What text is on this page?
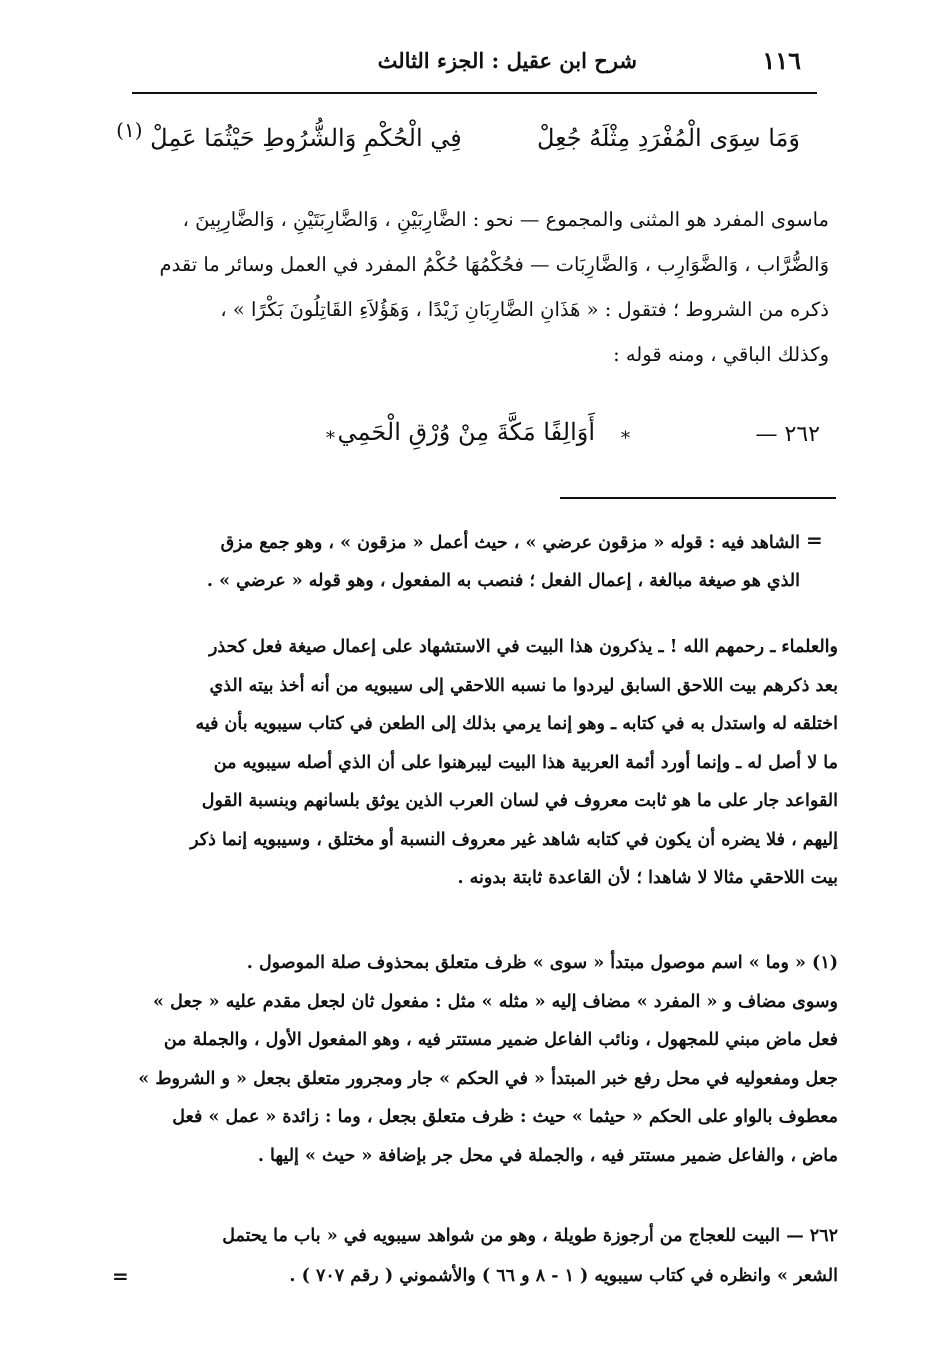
١١٦
شرح ابن عقيل : الجزء الثالث
وَمَا سِوَى الْمُفْرَدِ مِثْلَهُ جُعِلْ  فِي الْحُكْمِ وَالشُّرُوطِ حَيْثُمَا عَمِلْ $^{(١)}$

ماسوى المفرد هو المثنى والمجموع — نحو : الضَّارِبَيْنِ ، وَالضَّارِبَتَيْنِ ، وَالضَّارِبِينَ ،

وَالضُّرَّاب ، وَالضَّوَارِب ، وَالضَّارِبَات — فحُكْمُهَا حُكْمُ المفرد في العمل وسائر ما تقدم

ذكره من الشروط ؛ فتقول : « هَذَانِ الضَّارِبَانِ زَيْدًا ، وَهَؤُلاَءِ القَاتِلُونَ بَكْرًا » ،

وكذلك الباقي ، ومنه قوله :

٢٦٢ —
*
أَوَالِفًا مَكَّةَ مِنْ وُرْقِ الْحَمِي
*
=

الشاهد فيه : قوله « مزقون عرضي » ، حيث أعمل « مزقون » ، وهو جمع مزق

الذي هو صيغة مبالغة ، إعمال الفعل ؛ فنصب به المفعول ، وهو قوله « عرضي » .

والعلماء ـ رحمهم الله ! ـ يذكرون هذا البيت في الاستشهاد على إعمال صيغة فعل كحذر

بعد ذكرهم بيت اللاحق السابق ليردوا ما نسبه اللاحقي إلى سيبويه من أنه أخذ بيته الذي

اختلقه له واستدل به في كتابه ـ وهو إنما يرمي بذلك إلى الطعن في كتاب سيبويه بأن فيه

ما لا أصل له ـ وإنما أورد أئمة العربية هذا البيت ليبرهنوا على أن الذي أصله سيبويه من

القواعد جار على ما هو ثابت معروف في لسان العرب الذين يوثق بلسانهم وبنسبة القول

إليهم ، فلا يضره أن يكون في كتابه شاهد غير معروف النسبة أو مختلق ، وسيبويه إنما ذكر

بيت اللاحقي مثالا لا شاهدا ؛ لأن القاعدة ثابتة بدونه .

(١) « وما » اسم موصول مبتدأ « سوى » ظرف متعلق بمحذوف صلة الموصول .

وسوى مضاف و « المفرد » مضاف إليه « مثله » مثل : مفعول ثان لجعل مقدم عليه « جعل »

فعل ماض مبني للمجهول ، ونائب الفاعل ضمير مستتر فيه ، وهو المفعول الأول ، والجملة من

جعل ومفعوليه في محل رفع خبر المبتدأ « في الحكم » جار ومجرور متعلق بجعل « و الشروط »

معطوف بالواو على الحكم « حيثما » حيث : ظرف متعلق بجعل ، وما : زائدة « عمل » فعل

ماض ، والفاعل ضمير مستتر فيه ، والجملة في محل جر بإضافة « حيث » إليها .

٢٦٢ — البيت للعجاج من أرجوزة طويلة ، وهو من شواهد سيبويه في « باب ما يحتمل

الشعر » وانظره في كتاب سيبويه ( ١ - ٨ و ٦٦ ) والأشموني ( رقم ٧٠٧ ) .

=
